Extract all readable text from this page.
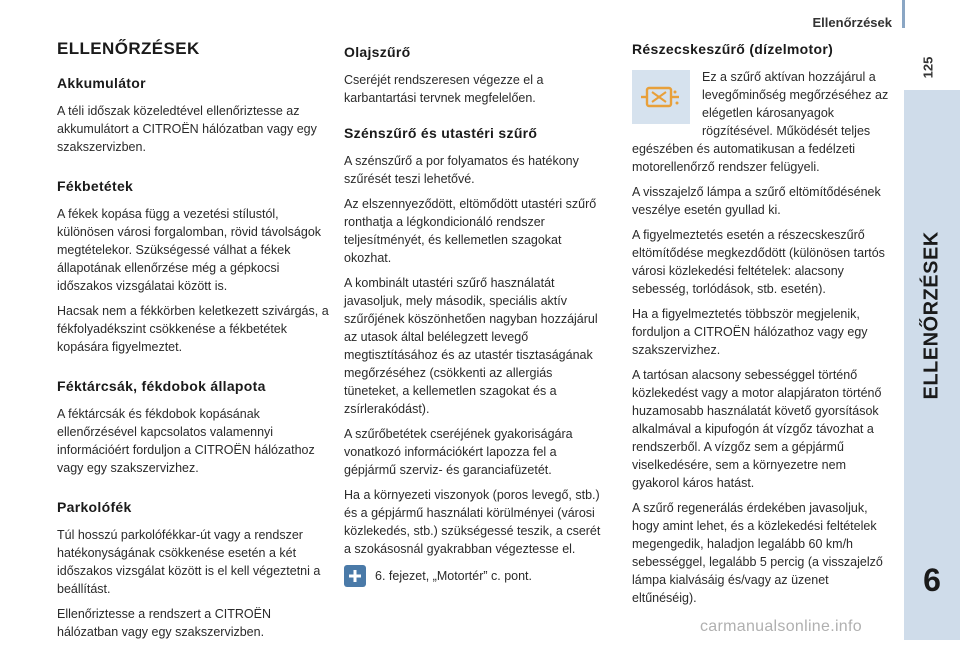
Ellenőrzések
125
6
ELLENŐRZÉSEK
Akkumulátor

A téli időszak közeledtével ellenőriztesse az akkumulátort a CITROËN hálózatban vagy egy szakszervizben.

Fékbetétek

A fékek kopása függ a vezetési stílustól, különösen városi forgalomban, rövid távolságok megtételekor. Szükségessé válhat a fékek állapotának ellenőrzése még a gépkocsi időszakos vizsgálatai között is.

Hacsak nem a fékkörben keletkezett szivárgás, a fékfolyadékszint csökkenése a fékbetétek kopására figyelmeztet.

Féktárcsák, fékdobok állapota

A féktárcsák és fékdobok kopásának ellenőrzésével kapcsolatos valamennyi információért forduljon a CITROËN hálózathoz vagy egy szakszervizhez.

Parkolófék

Túl hosszú parkolófékkar-út vagy a rendszer hatékonyságának csökkenése esetén a két időszakos vizsgálat között is el kell végeztetni a beállítást.

Ellenőriztesse a rendszert a CITROËN hálózatban vagy egy szakszervizben.

Olajszűrő

Cseréjét rendszeresen végezze el a karbantartási tervnek megfelelően.

Szénszűrő és utastéri szűrő

A szénszűrő a por folyamatos és hatékony szűrését teszi lehetővé.

Az elszennyeződött, eltömődött utastéri szűrő ronthatja a légkondicionáló rendszer teljesítményét, és kellemetlen szagokat okozhat.

A kombinált utastéri szűrő használatát javasoljuk, mely második, speciális aktív szűrőjének köszönhetően nagyban hozzájárul az utasok által belélegzett levegő megtisztításához és az utastér tisztaságának megőrzéséhez (csökkenti az allergiás tüneteket, a kellemetlen szagokat és a zsírlerakódást).

A szűrőbetétek cseréjének gyakoriságára vonatkozó információkért lapozza fel a gépjármű szerviz- és garanciafüzetét.

Ha a környezeti viszonyok (poros levegő, stb.) és a gépjármű használati körülményei (városi közlekedés, stb.) szükségessé teszik, a cserét a szokásosnál gyakrabban végeztesse el.

6. fejezet, „Motortér” c. pont.
Részecskeszűrő (dízelmotor)

Ez a szűrő aktívan hozzájárul a levegőminőség megőrzéséhez az elégetlen károsanyagok rögzítésével. Működését teljes egészében és automatikusan a fedélzeti motorellenőrző rendszer felügyeli.

A visszajelző lámpa a szűrő eltömítődésének veszélye esetén gyullad ki.

A figyelmeztetés esetén a részecskeszűrő eltömítődése megkezdődött (különösen tartós városi közlekedési feltételek: alacsony sebesség, torlódások, stb. esetén).

Ha a figyelmeztetés többször megjelenik, forduljon a CITROËN hálózathoz vagy egy szakszervizhez.

A tartósan alacsony sebességgel történő közlekedést vagy a motor alapjáraton történő huzamosabb használatát követő gyorsítások alkalmával a kipufogón át vízgőz távozhat a rendszerből. A vízgőz sem a gépjármű viselkedésére, sem a környezetre nem gyakorol káros hatást.

A szűrő regenerálás érdekében javasoljuk, hogy amint lehet, és a közlekedési feltételek megengedik, haladjon legalább 60 km/h sebességgel, legalább 5 percig (a visszajelző lámpa kialvásáig és/vagy az üzenet eltűnéséig).

carmanualsonline.info
